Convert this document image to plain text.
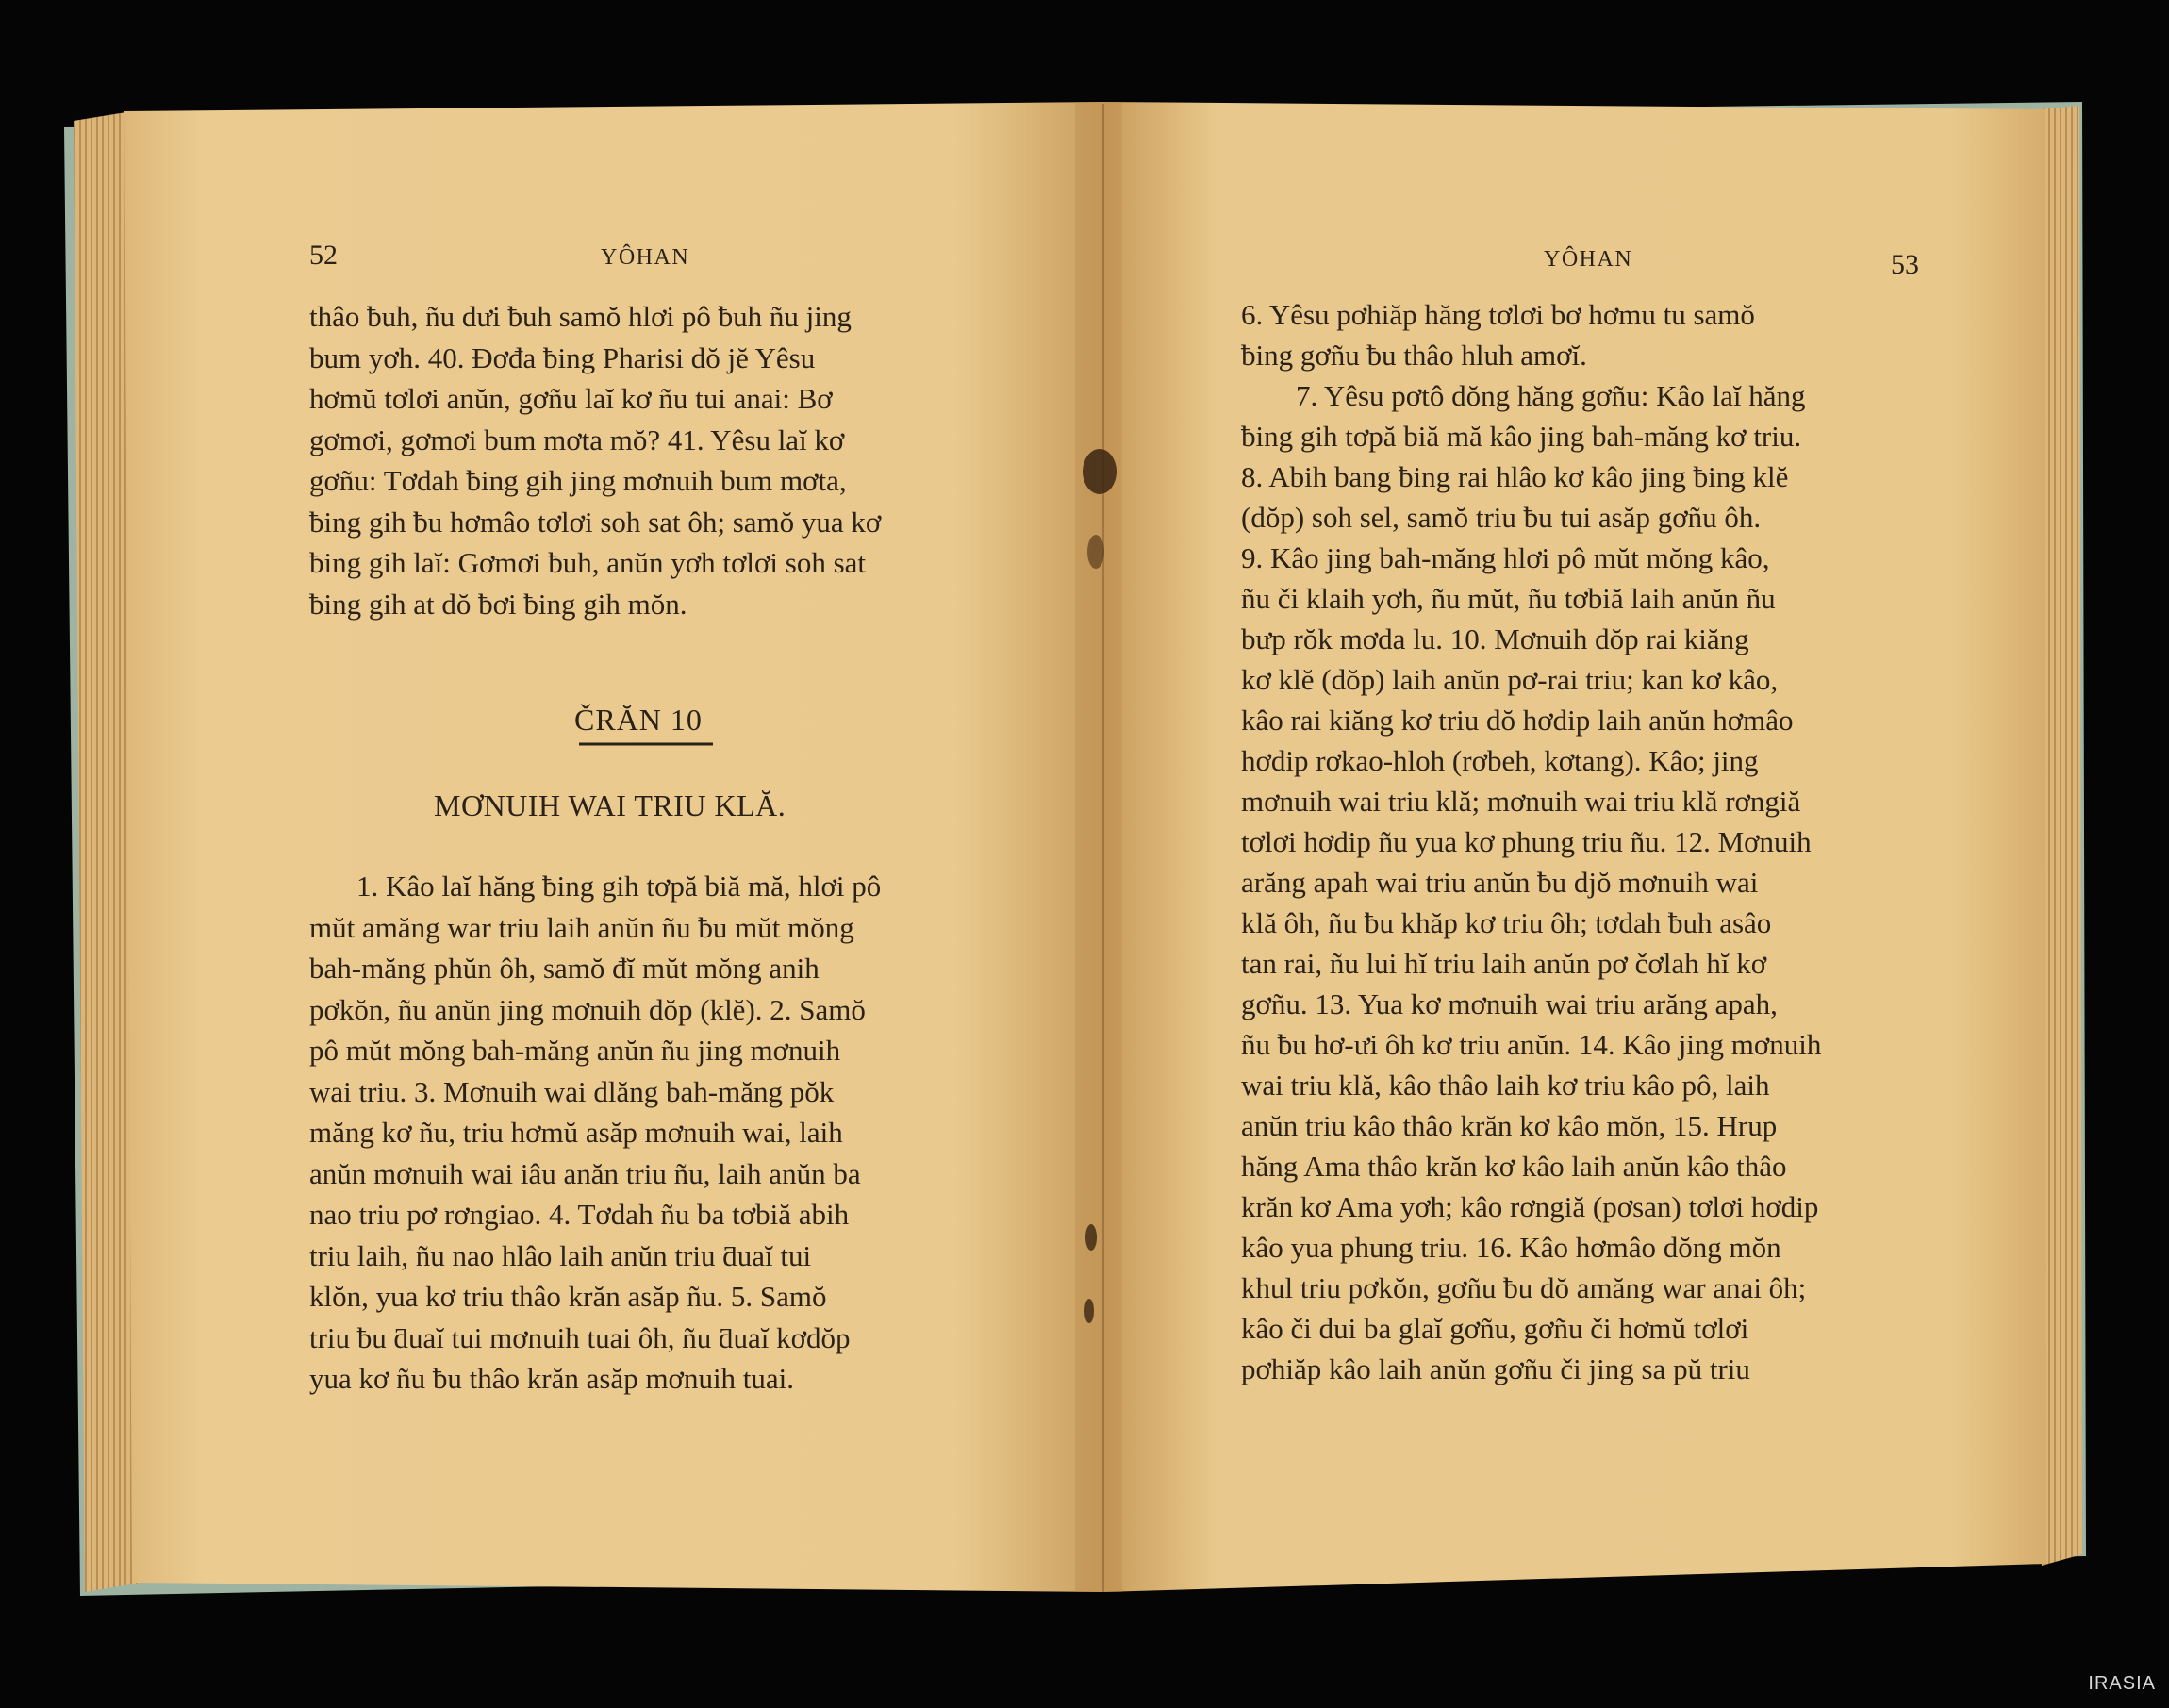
52	YÔHAN

thâo ƀuh, ñu dưi ƀuh samŏ hlơi pô ƀuh ñu jing
bum yơh. 40. Đơđa ƀing Pharisi dŏ jĕ Yêsu
hơmŭ tơlơi anŭn, gơñu laĭ kơ ñu tui anai: Bơ
gơmơi, gơmơi bum mơta mŏ? 41. Yêsu laĭ kơ
gơñu: Tơdah ƀing gih jing mơnuih bum mơta,
ƀing gih ƀu hơmâo tơlơi soh sat ôh; samŏ yua kơ
ƀing gih laĭ: Gơmơi ƀuh, anŭn yơh tơlơi soh sat
ƀing gih at dŏ ƀơi ƀing gih mŏn.

ČRĂN 10
MƠNUIH WAI TRIU KLĂ.

1. Kâo laĭ hăng ƀing gih tơpă biă mă, hlơi pô
mŭt amăng war triu laih anŭn ñu ƀu mŭt mŏng
bah-măng phŭn ôh, samŏ đĭ mŭt mŏng anih
pơkŏn, ñu anŭn jing mơnuih dŏp (klĕ). 2. Samŏ
pô mŭt mŏng bah-măng anŭn ñu jing mơnuih
wai triu. 3. Mơnuih wai dlăng bah-măng pŏk
măng kơ ñu, triu hơmŭ asăp mơnuih wai, laih
anŭn mơnuih wai iâu anăn triu ñu, laih anŭn ba
nao triu pơ rơngiao. 4. Tơdah ñu ba tơbiă abih
triu laih, ñu nao hlâo laih anŭn triu ƌuaĭ tui
klŏn, yua kơ triu thâo krăn asăp ñu. 5. Samŏ
triu ƀu ƌuaĭ tui mơnuih tuai ôh, ñu ƌuaĭ kơdŏp
yua kơ ñu ƀu thâo krăn asăp mơnuih tuai.

YÔHAN	53

6. Yêsu pơhiăp hăng tơlơi bơ hơmu tu samŏ
ƀing gơñu ƀu thâo hluh amơĭ.
7. Yêsu pơtô dŏng hăng gơñu: Kâo laĭ hăng
ƀing gih tơpă biă mă kâo jing bah-măng kơ triu.
8. Abih bang ƀing rai hlâo kơ kâo jing ƀing klĕ
(dŏp) soh sel, samŏ triu ƀu tui asăp gơñu ôh.
9. Kâo jing bah-măng hlơi pô mŭt mŏng kâo,
ñu či klaih yơh, ñu mŭt, ñu tơbiă laih anŭn ñu
bưp rŏk mơda lu. 10. Mơnuih dŏp rai kiăng
kơ klĕ (dŏp) laih anŭn pơ-rai triu; kan kơ kâo,
kâo rai kiăng kơ triu dŏ hơdip laih anŭn hơmâo
hơdip rơkao-hloh (rơbeh, kơtang). Kâo; jing
mơnuih wai triu klă; mơnuih wai triu klă rơngiă
tơlơi hơdip ñu yua kơ phung triu ñu. 12. Mơnuih
arăng apah wai triu anŭn ƀu djŏ mơnuih wai
klă ôh, ñu ƀu khăp kơ triu ôh; tơdah ƀuh asâo
tan rai, ñu lui hĭ triu laih anŭn pơ čơlah hĭ kơ
gơñu. 13. Yua kơ mơnuih wai triu arăng apah,
ñu ƀu hơ-ưi ôh kơ triu anŭn. 14. Kâo jing mơnuih
wai triu klă, kâo thâo laih kơ triu kâo pô, laih
anŭn triu kâo thâo krăn kơ kâo mŏn, 15. Hrup
hăng Ama thâo krăn kơ kâo laih anŭn kâo thâo
krăn kơ Ama yơh; kâo rơngiă (pơsan) tơlơi hơdip
kâo yua phung triu. 16. Kâo hơmâo dŏng mŏn
khul triu pơkŏn, gơñu ƀu dŏ amăng war anai ôh;
kâo či dui ba glaĭ gơñu, gơñu či hơmŭ tơlơi
pơhiăp kâo laih anŭn gơñu či jing sa pŭ triu

IRASIA
